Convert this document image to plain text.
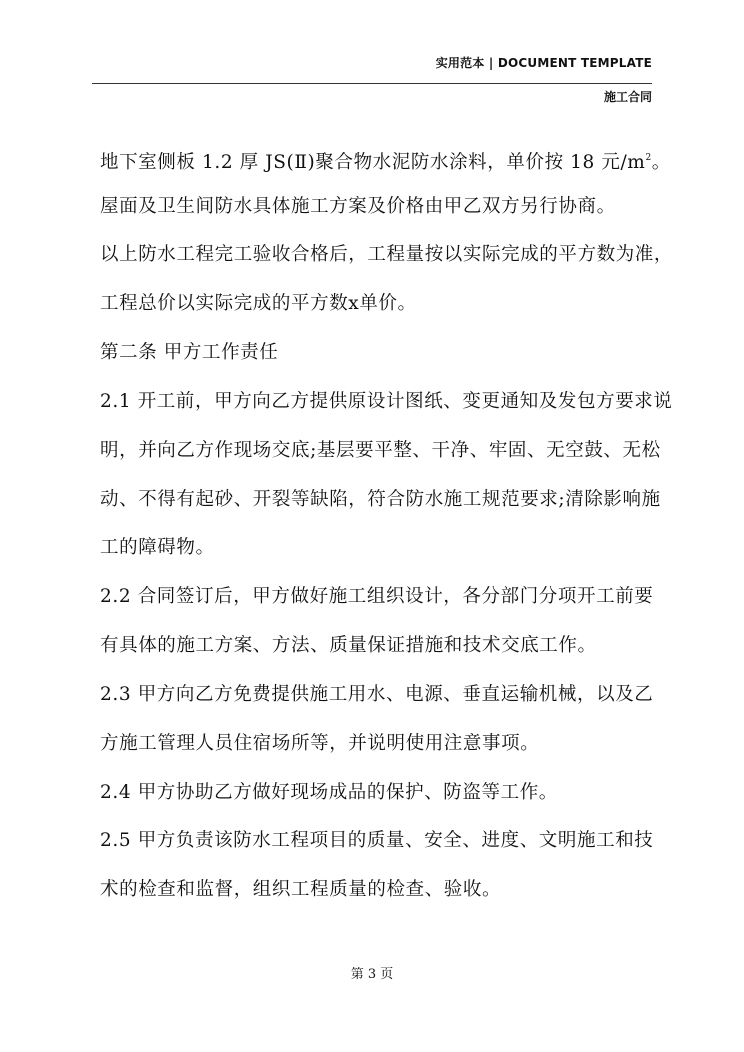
实用范本 | DOCUMENT TEMPLATE
施工合同
地下室侧板 1.2 厚 JS(Ⅱ)聚合物水泥防水涂料，单价按 18 元$/m^2$。
屋面及卫生间防水具体施工方案及价格由甲乙双方另行协商。
以上防水工程完工验收合格后，工程量按以实际完成的平方数为准，
工程总价以实际完成的平方数x单价。
第二条 甲方工作责任
2.1 开工前，甲方向乙方提供原设计图纸、变更通知及发包方要求说
明，并向乙方作现场交底;基层要平整、干净、牢固、无空鼓、无松
动、不得有起砂、开裂等缺陷，符合防水施工规范要求;清除影响施
工的障碍物。
2.2 合同签订后，甲方做好施工组织设计，各分部门分项开工前要
有具体的施工方案、方法、质量保证措施和技术交底工作。
2.3 甲方向乙方免费提供施工用水、电源、垂直运输机械，以及乙
方施工管理人员住宿场所等，并说明使用注意事项。
2.4 甲方协助乙方做好现场成品的保护、防盗等工作。
2.5 甲方负责该防水工程项目的质量、安全、进度、文明施工和技
术的检查和监督，组织工程质量的检查、验收。
第 3 页
